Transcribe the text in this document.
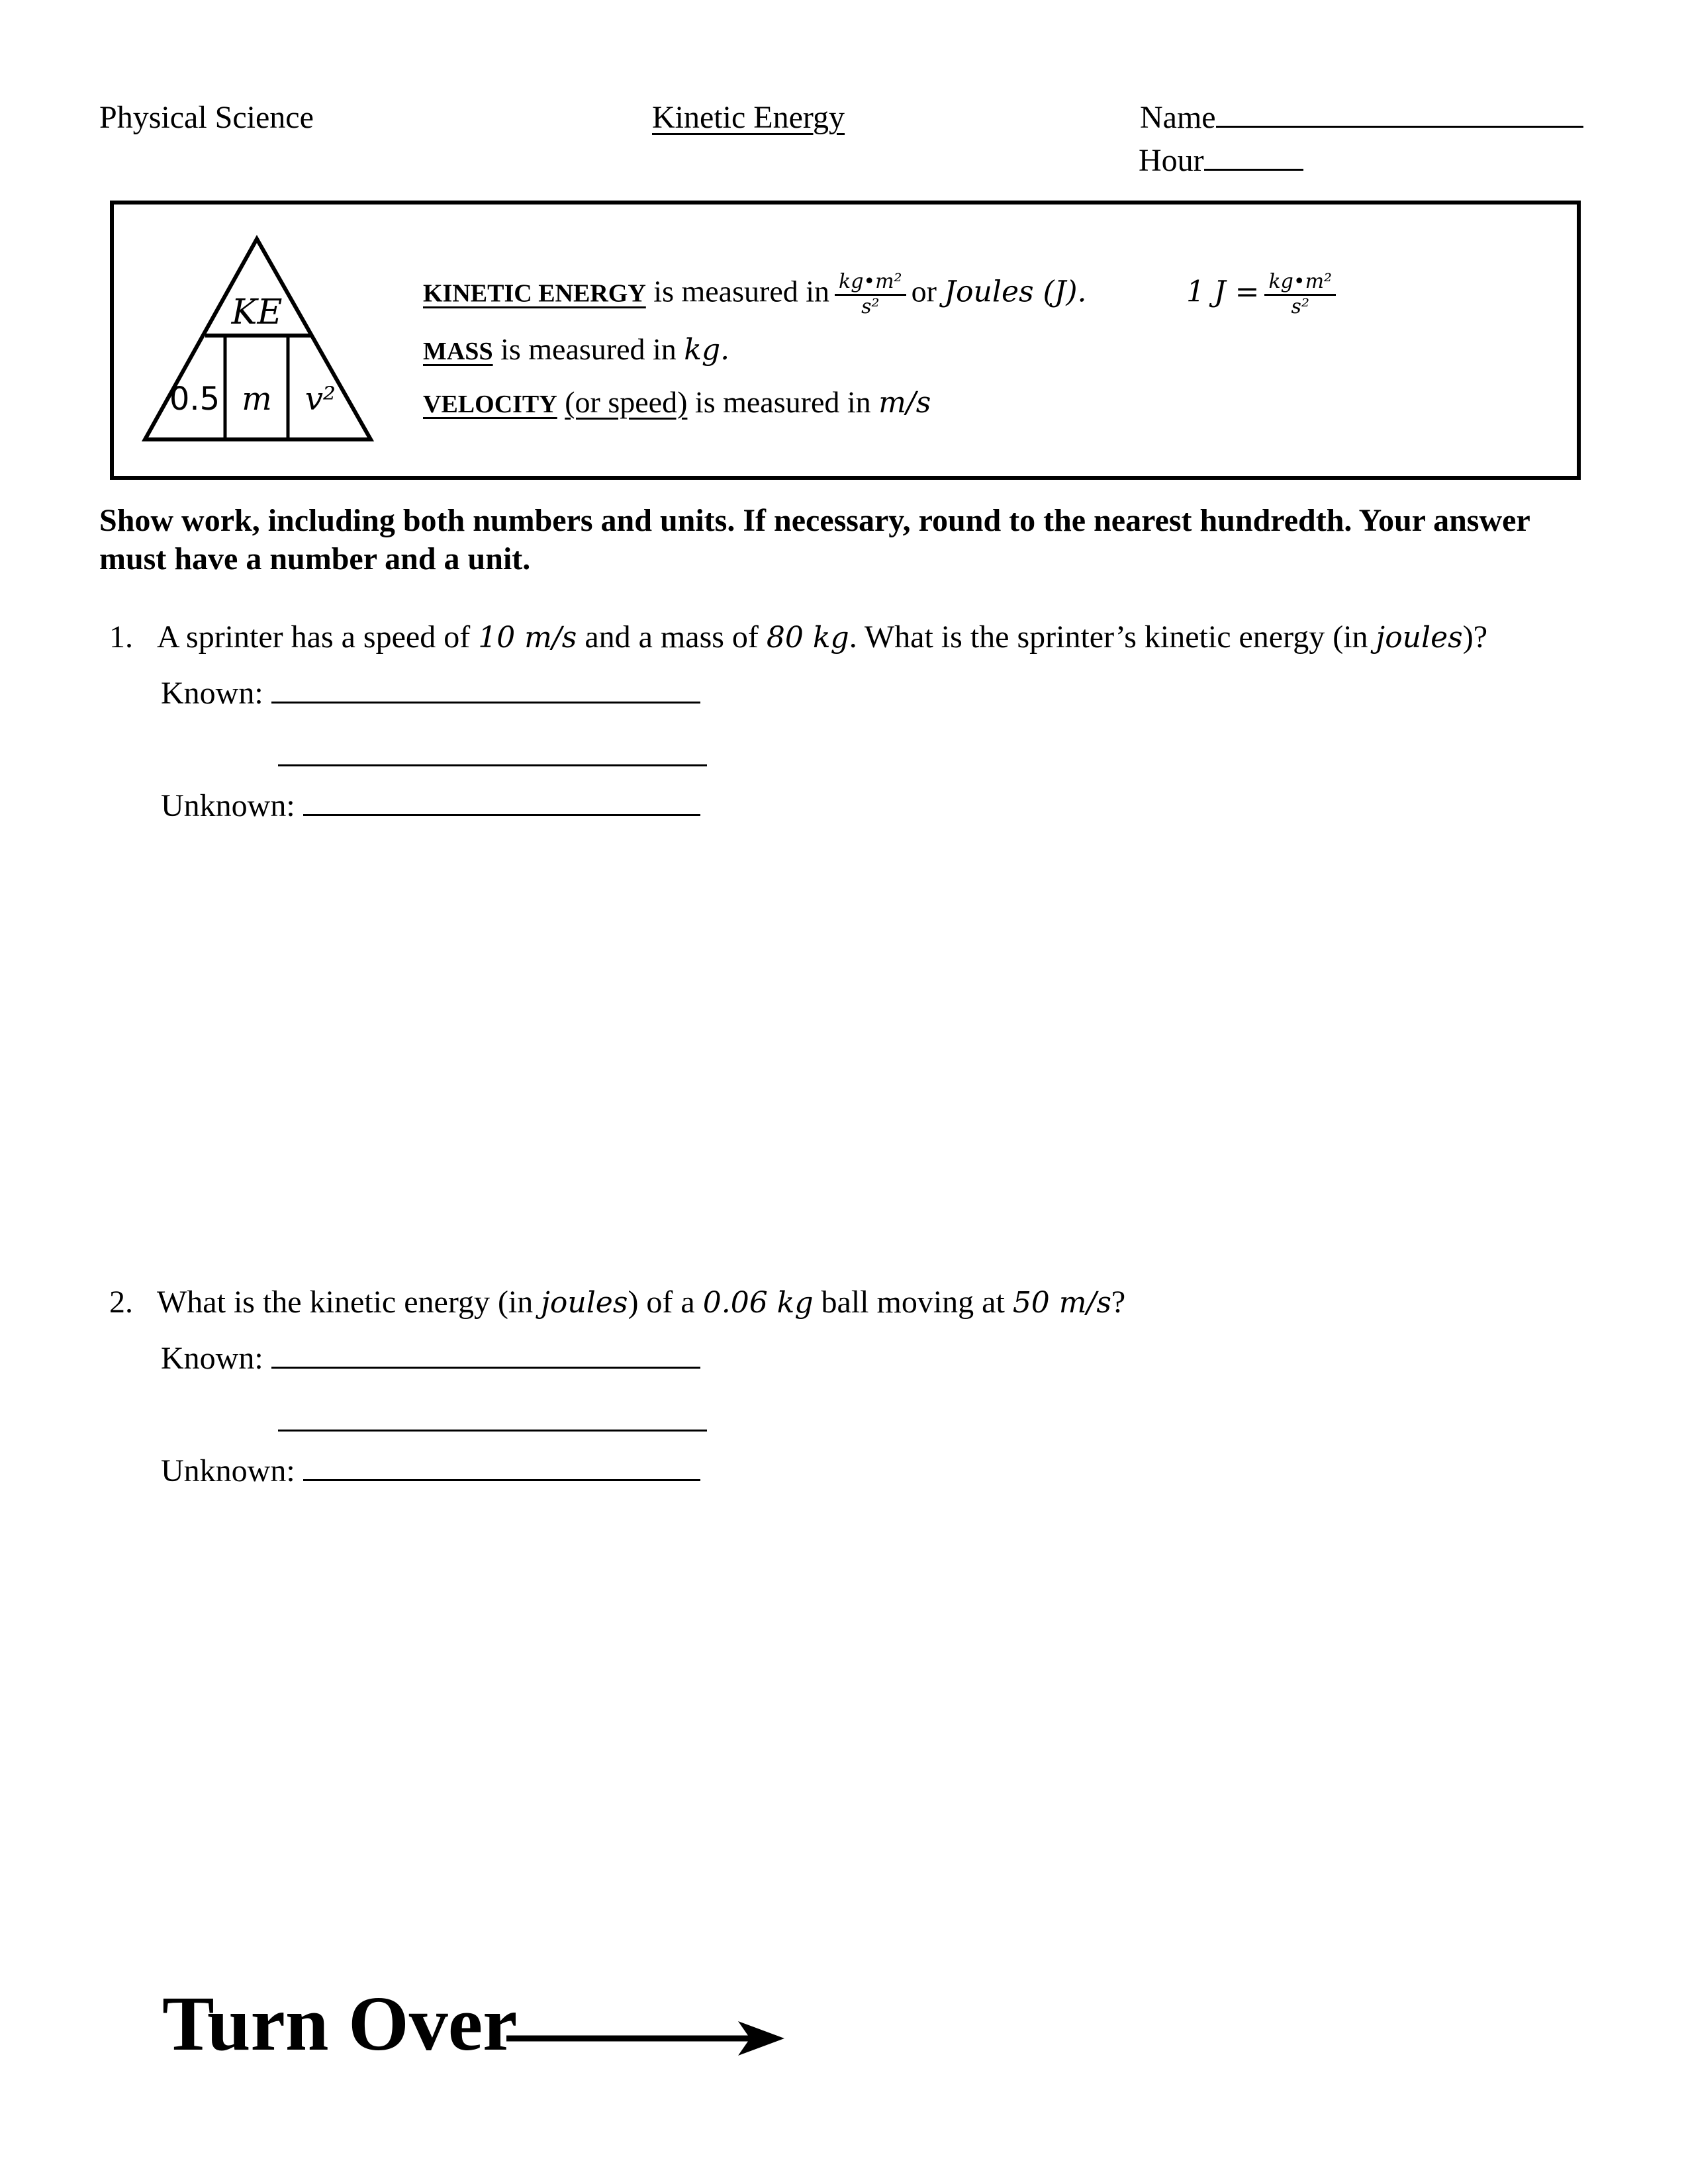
Physical Science	Kinetic Energy	Name
Hour
KE
0.5 m v²
KINETIC ENERGY is measured in $\frac{\text{kg•m²}}{\text{s²}}$ or Joules (J).	1 $J = \frac{\text{kg•m²}}{\text{s²}}$
MASS is measured in kg.
VELOCITY (or speed) is measured in m/s
Show work, including both numbers and units. If necessary, round to the nearest hundredth. Your answer must have a number and a unit.
1. A sprinter has a speed of 10 m/s and a mass of 80 kg. What is the sprinter’s kinetic energy (in joules)?
Known:
Unknown:
2. What is the kinetic energy (in joules) of a 0.06 kg ball moving at 50 m/s?
Known:
Unknown:
Turn Over
